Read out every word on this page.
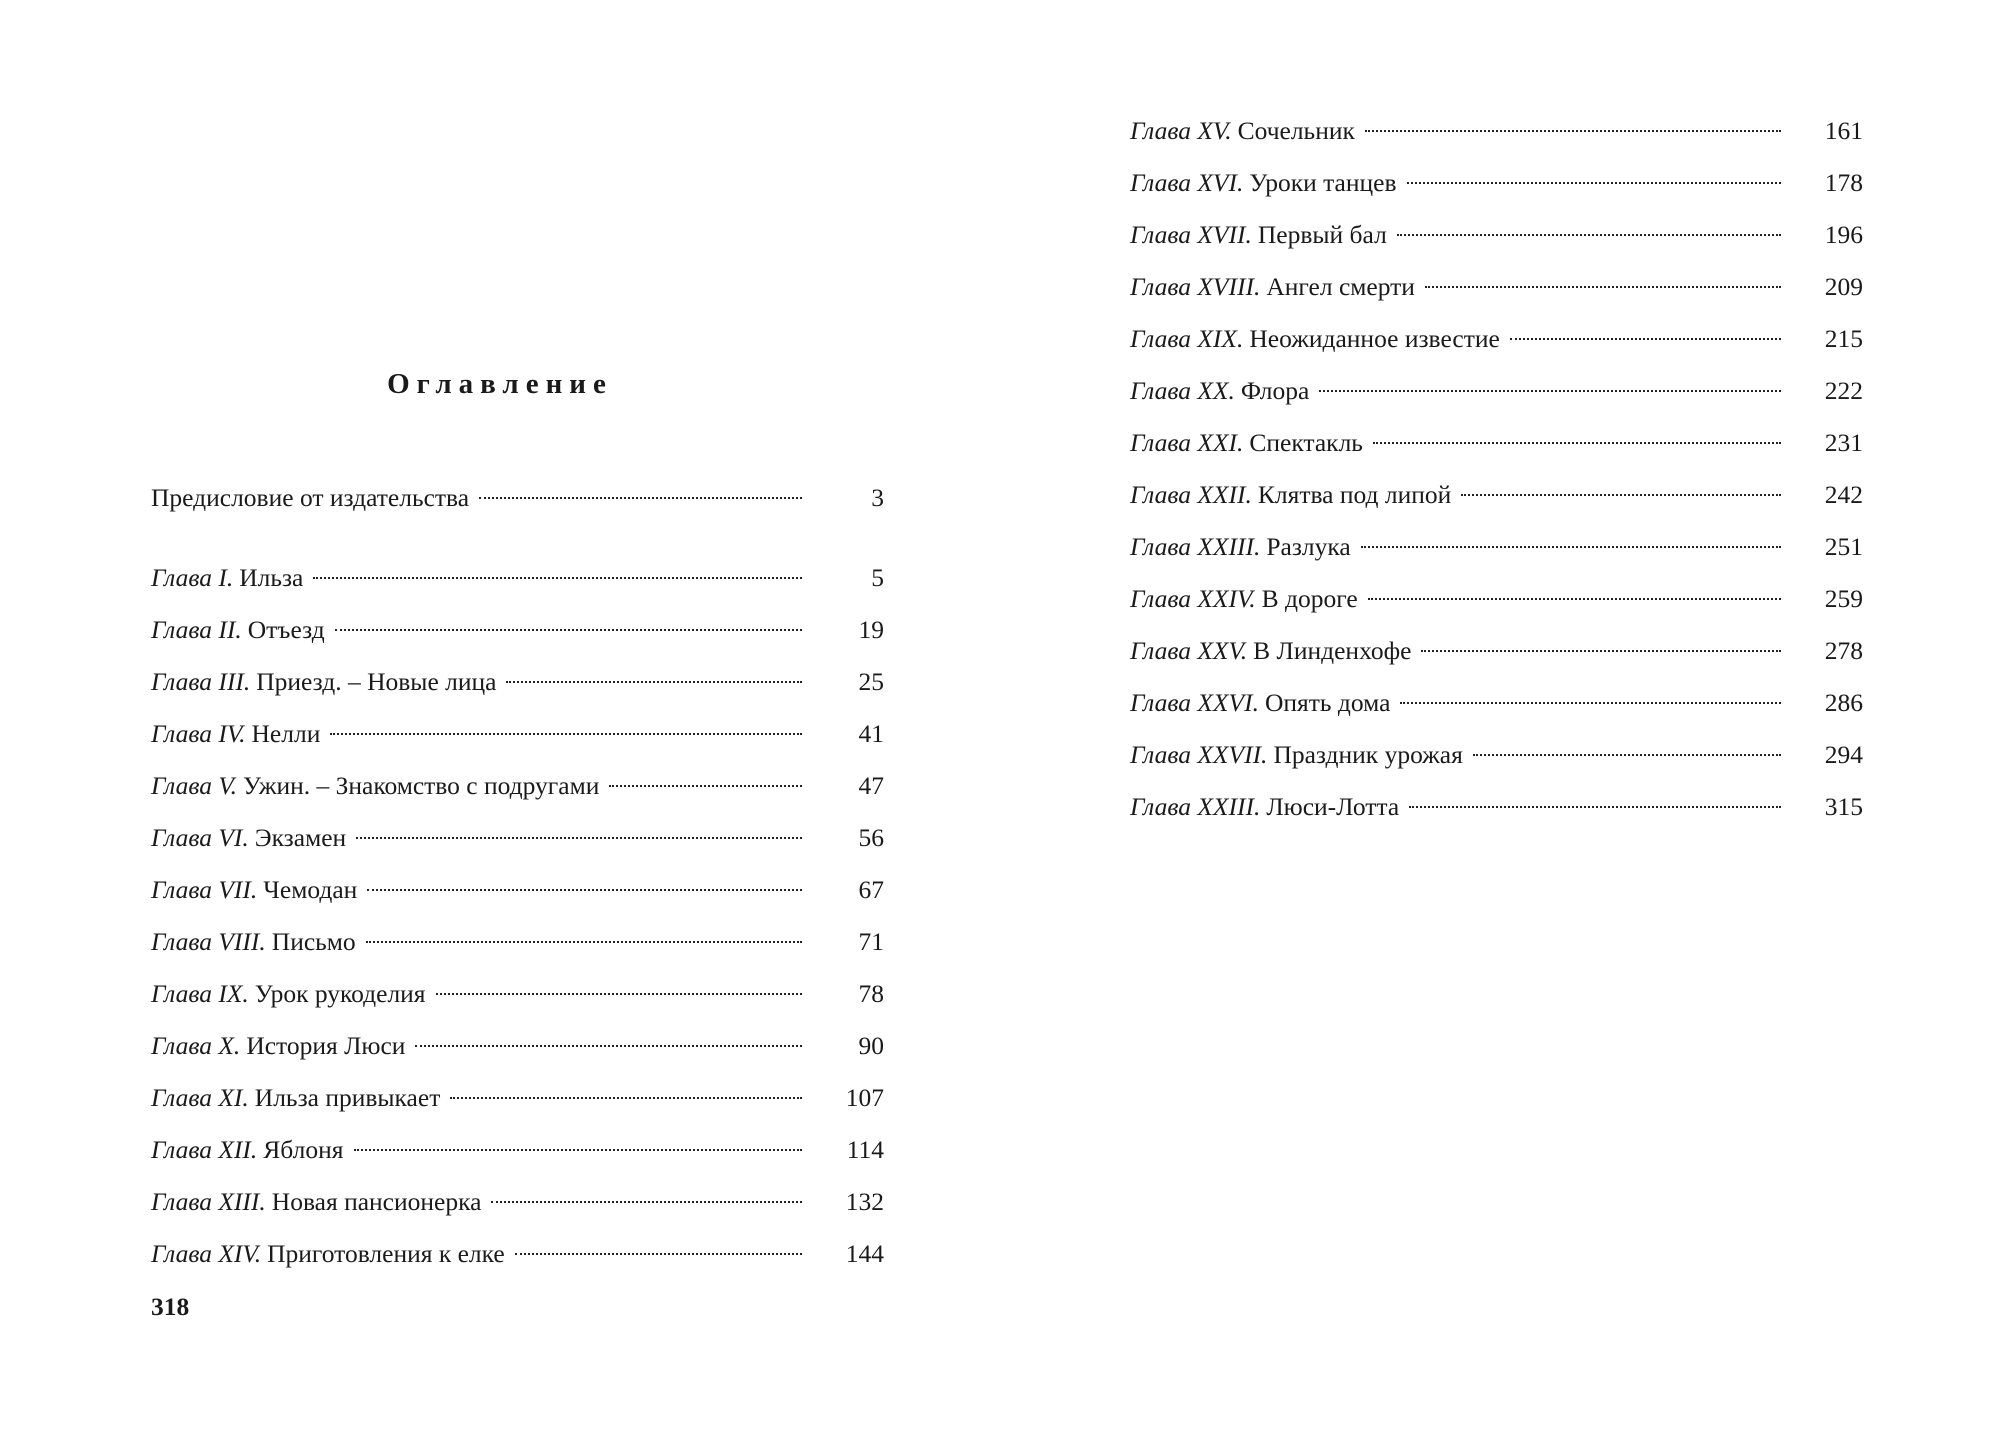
Оглавление
Предисловие от издательства	3
Глава I. Ильза	5
Глава II. Отъезд	19
Глава III. Приезд. – Новые лица	25
Глава IV. Нелли	41
Глава V. Ужин. – Знакомство с подругами	47
Глава VI. Экзамен	56
Глава VII. Чемодан	67
Глава VIII. Письмо	71
Глава IX. Урок рукоделия	78
Глава X. История Люси	90
Глава XI. Ильза привыкает	107
Глава XII. Яблоня	114
Глава XIII. Новая пансионерка	132
Глава XIV. Приготовления к елке	144
318
Глава XV. Сочельник	161
Глава XVI. Уроки танцев	178
Глава XVII. Первый бал	196
Глава XVIII. Ангел смерти	209
Глава XIX. Неожиданное известие	215
Глава XX. Флора	222
Глава XXI. Спектакль	231
Глава XXII. Клятва под липой	242
Глава XXIII. Разлука	251
Глава XXIV. В дороге	259
Глава XXV. В Линденхофе	278
Глава XXVI. Опять дома	286
Глава XXVII. Праздник урожая	294
Глава XXIII. Люси-Лотта	315
